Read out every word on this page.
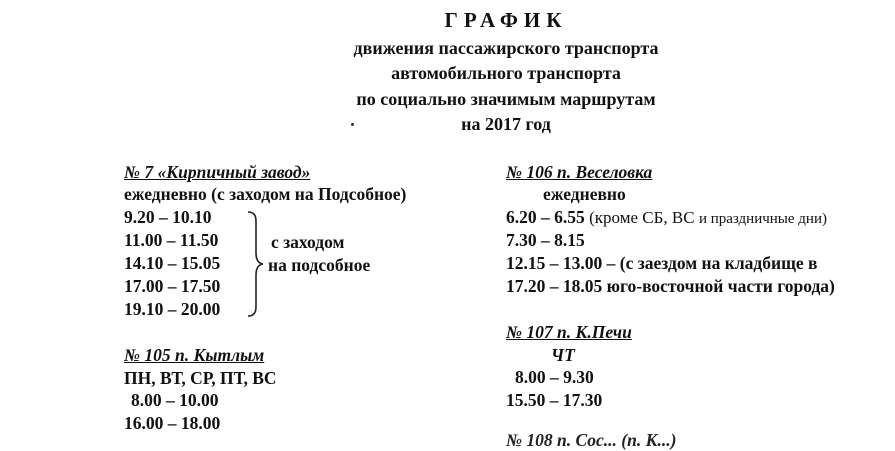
ГРАФИК
движения пассажирского транспорта
автомобильного транспорта
по социально значимым маршрутам
на 2017 год
№ 7 «Кирпичный завод»
ежедневно (с заходом на Подсобное)
9.20 – 10.10
11.00 – 11.50
14.10 – 15.05
17.00 – 17.50
19.10 – 20.00
с заходом
на подсобное
№ 105 п. Кытлым
ПН, ВТ, СР, ПТ, ВС
8.00 – 10.00
16.00 – 18.00
№ 106 п. Веселовка
ежедневно
6.20 – 6.55 (кроме СБ, ВС и праздничные дни)
7.30 – 8.15
12.15 – 13.00 – (с заездом на кладбище в
17.20 – 18.05 юго-восточной части города)
№ 107 п. К.Печи
ЧТ
8.00 – 9.30
15.50 – 17.30
№ 108 п. Сос... (п. К...)
